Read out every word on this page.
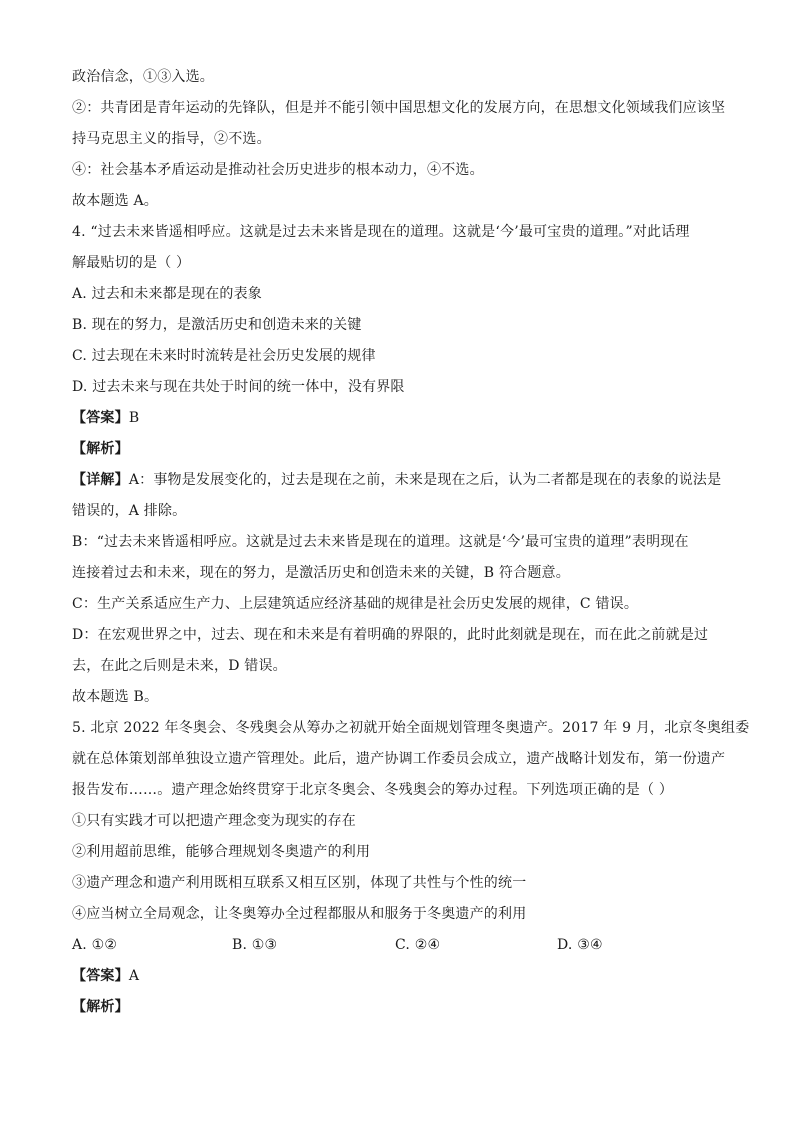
政治信念，①③入选。
②：共青团是青年运动的先锋队，但是并不能引领中国思想文化的发展方向，在思想文化领域我们应该坚
持马克思主义的指导，②不选。
④：社会基本矛盾运动是推动社会历史进步的根本动力，④不选。
故本题选 A。
4. “过去未来皆遥相呼应。这就是过去未来皆是现在的道理。这就是‘今’最可宝贵的道理。”对此话理
解最贴切的是（ ）
A. 过去和未来都是现在的表象
B. 现在的努力，是激活历史和创造未来的关键
C. 过去现在未来时时流转是社会历史发展的规律
D. 过去未来与现在共处于时间的统一体中，没有界限
【答案】B
【解析】
【详解】A：事物是发展变化的，过去是现在之前，未来是现在之后，认为二者都是现在的表象的说法是
错误的，A 排除。
B：“过去未来皆遥相呼应。这就是过去未来皆是现在的道理。这就是‘今’最可宝贵的道理”表明现在
连接着过去和未来，现在的努力，是激活历史和创造未来的关键，B 符合题意。
C：生产关系适应生产力、上层建筑适应经济基础的规律是社会历史发展的规律，C 错误。
D：在宏观世界之中，过去、现在和未来是有着明确的界限的，此时此刻就是现在，而在此之前就是过
去，在此之后则是未来，D 错误。
故本题选 B。
5. 北京 2022 年冬奥会、冬残奥会从筹办之初就开始全面规划管理冬奥遗产。2017 年 9 月，北京冬奥组委
就在总体策划部单独设立遗产管理处。此后，遗产协调工作委员会成立，遗产战略计划发布，第一份遗产
报告发布……。遗产理念始终贯穿于北京冬奥会、冬残奥会的筹办过程。下列选项正确的是（ ）
①只有实践才可以把遗产理念变为现实的存在
②利用超前思维，能够合理规划冬奥遗产的利用
③遗产理念和遗产利用既相互联系又相互区别，体现了共性与个性的统一
④应当树立全局观念，让冬奥筹办全过程都服从和服务于冬奥遗产的利用
A. ①②	B. ①③	C. ②④	D. ③④
【答案】A
【解析】
